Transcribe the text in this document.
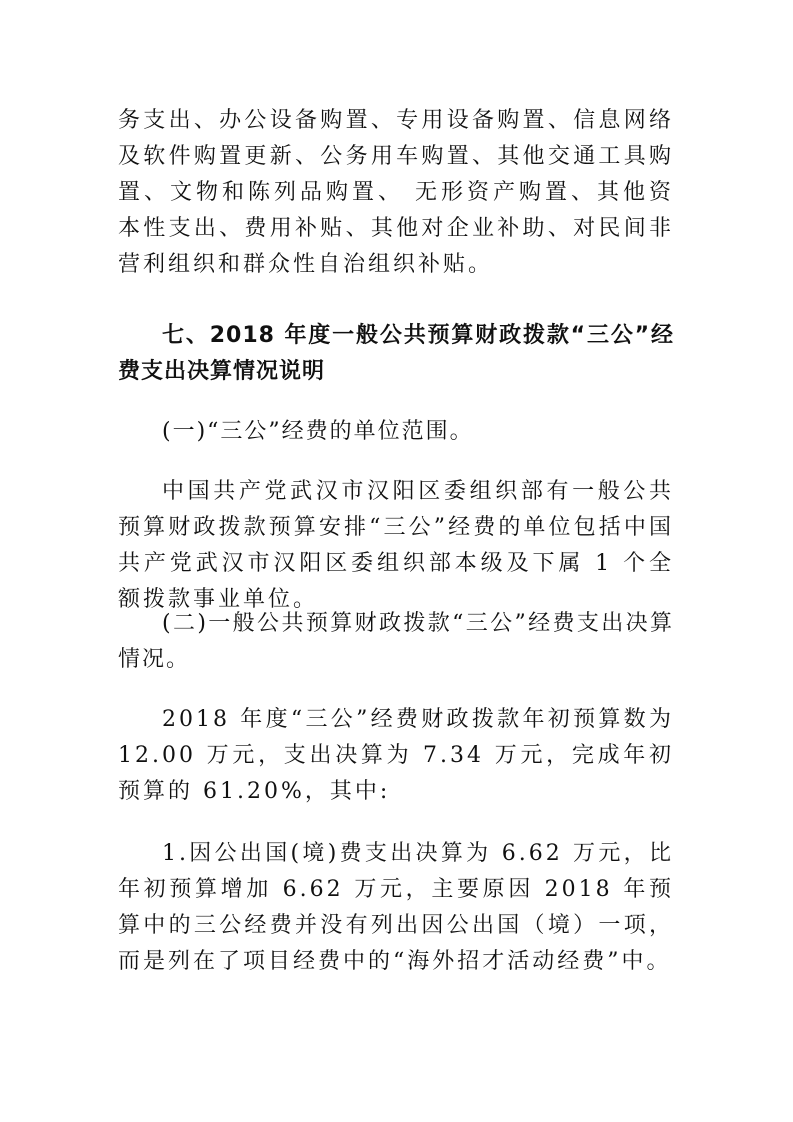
务支出、办公设备购置、专用设备购置、信息网络及软件购置更新、公务用车购置、其他交通工具购置、文物和陈列品购置、 无形资产购置、其他资本性支出、费用补贴、其他对企业补助、对民间非营利组织和群众性自治组织补贴。

七、2018 年度一般公共预算财政拨款“三公”经费支出决算情况说明

(一)“三公”经费的单位范围。

中国共产党武汉市汉阳区委组织部有一般公共预算财政拨款预算安排“三公”经费的单位包括中国共产党武汉市汉阳区委组织部本级及下属 1 个全额拨款事业单位。

(二)一般公共预算财政拨款“三公”经费支出决算情况。

2018 年度“三公”经费财政拨款年初预算数为 12.00 万元，支出决算为 7.34 万元，完成年初预算的 61.20%，其中:

1.因公出国(境)费支出决算为 6.62 万元，比年初预算增加 6.62 万元，主要原因 2018 年预算中的三公经费并没有列出因公出国（境）一项，而是列在了项目经费中的“海外招才活动经费”中。
